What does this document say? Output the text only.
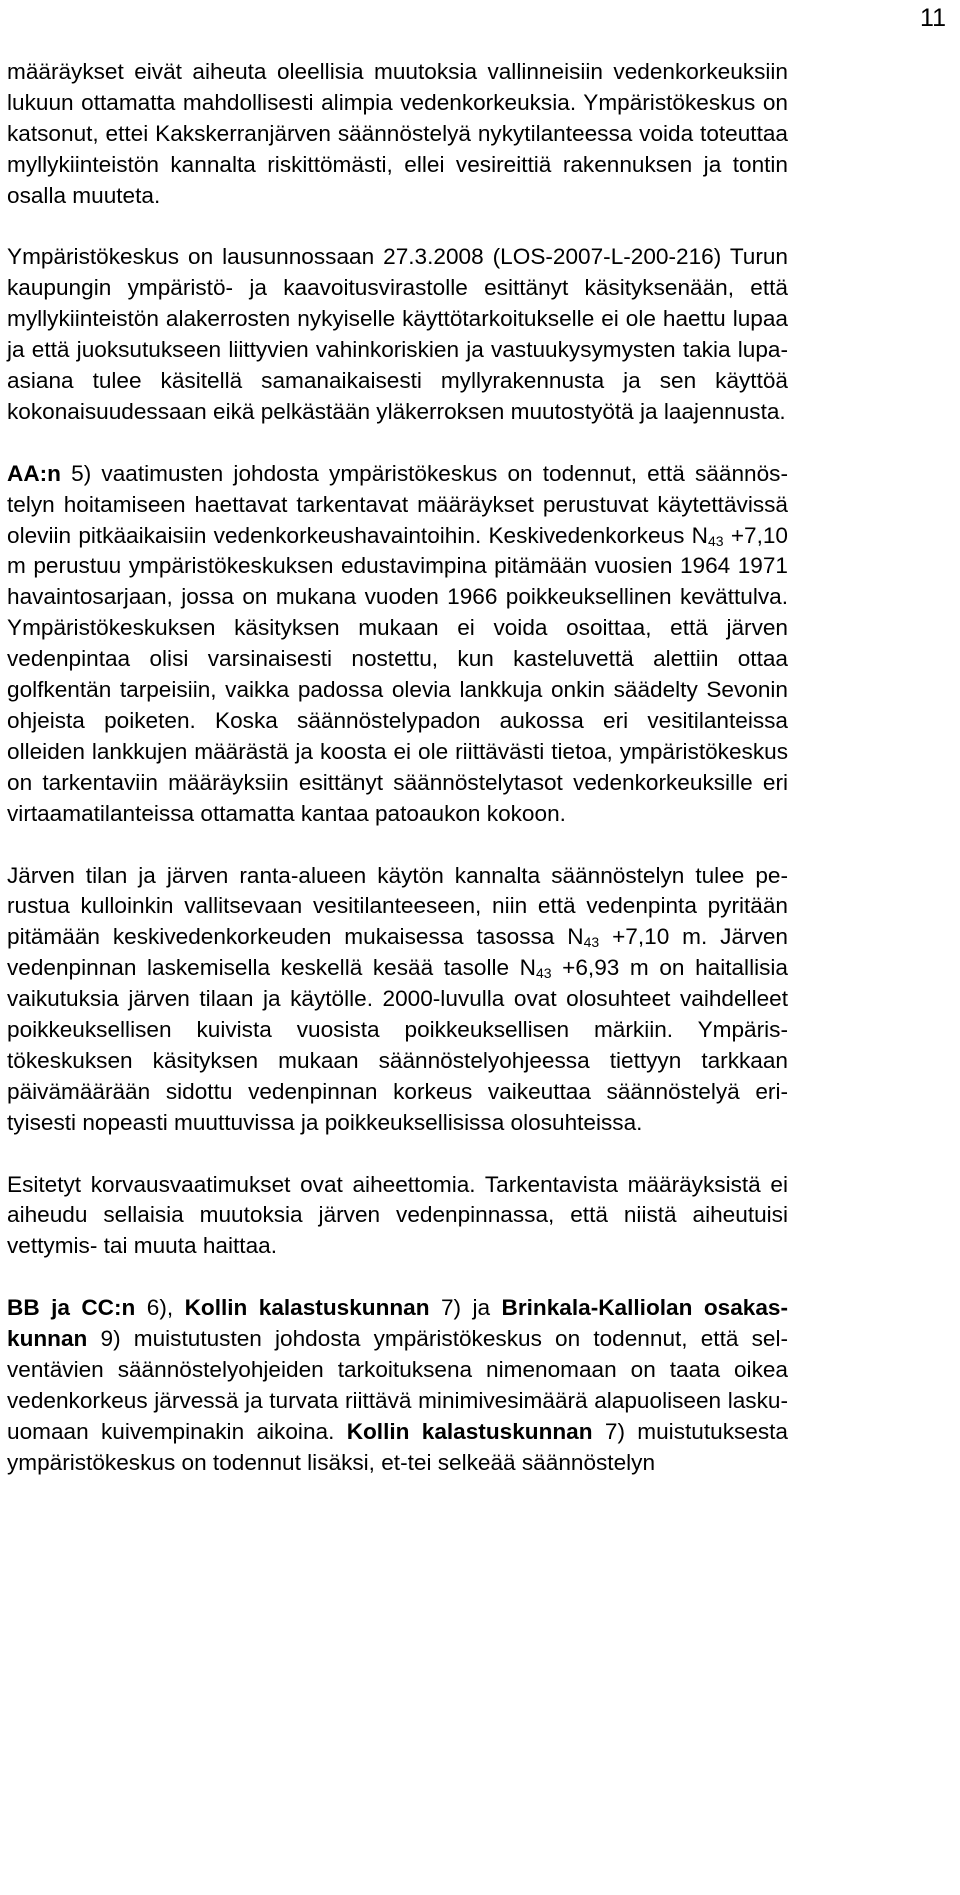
11

määräykset eivät aiheuta oleellisia muutoksia vallinneisiin vedenkorkeuksiin lukuun ottamatta mahdollisesti alimpia vedenkorkeuksia. Ympäristökeskus on katsonut, ettei Kakskerranjärven säännöstelyä nykytilanteessa voida toteuttaa myllykiinteistön kannalta riskittömästi, ellei vesireittiä rakennuksen ja tontin osalla muuteta.

Ympäristökeskus on lausunnossaan 27.3.2008 (LOS-2007-L-200-216) Turun kaupungin ympäristö- ja kaavoitusvirastolle esittänyt käsityksenään, että myllykiinteistön alakerrosten nykyiselle käyttötarkoitukselle ei ole haettu lupaa ja että juoksutukseen liittyvien vahinkoriskien ja vastuukysymysten takia lupa-asiana tulee käsitellä samanaikaisesti myllyrakennusta ja sen käyttöä kokonaisuudessaan eikä pelkästään yläkerroksen muutostyötä ja laajennusta.

AA:n 5) vaatimusten johdosta ympäristökeskus on todennut, että säännöstelyn hoitamiseen haettavat tarkentavat määräykset perustuvat käytettävissä oleviin pitkäaikaisiin vedenkorkeushavaintoihin. Keskivedenkorkeus $N_{43} +7,10$ m perustuu ympäristökeskuksen edustavimpina pitämään vuosien 1964 1971 havaintosarjaan, jossa on mukana vuoden 1966 poikkeuksellinen kevättulva. Ympäristökeskuksen käsityksen mukaan ei voida osoittaa, että järven vedenpintaa olisi varsinaisesti nostettu, kun kasteluvettä alettiin ottaa golfkentän tarpeisiin, vaikka padossa olevia lankkuja onkin säädelty Sevonin ohjeista poiketen. Koska säännöstelypadon aukossa eri vesitilanteissa olleiden lankkujen määrästä ja koosta ei ole riittävästi tietoa, ympäristökeskus on tarkentaviin määräyksiin esittänyt säännöstelytasot vedenkorkeuksille eri virtaamatilanteissa ottamatta kantaa patoaukon kokoon.

Järven tilan ja järven ranta-alueen käytön kannalta säännöstelyn tulee perustua kulloinkin vallitsevaan vesitilanteeseen, niin että vedenpinta pyritään pitämään keskivedenkorkeuden mukaisessa tasossa $N_{43} +7,10$ m. Järven vedenpinnan laskemisella keskellä kesää tasolle $N_{43} +6,93$ m on haitallisia vaikutuksia järven tilaan ja käytölle. 2000-luvulla ovat olosuhteet vaihdelleet poikkeuksellisen kuivista vuosista poikkeuksellisen märkiin. Ympäristökeskuksen käsityksen mukaan säännöstelyohjeessa tiettyyn tarkkaan päivämäärään sidottu vedenpinnan korkeus vaikeuttaa säännöstelyä erityisesti nopeasti muuttuvissa ja poikkeuksellisissa olosuhteissa.

Esitetyt korvausvaatimukset ovat aiheettomia. Tarkentavista määräyksistä ei aiheudu sellaisia muutoksia järven vedenpinnassa, että niistä aiheutuisi vettymis- tai muuta haittaa.

BB ja CC:n 6), Kollin kalastuskunnan 7) ja Brinkala-Kalliolan osakaskunnan 9) muistutusten johdosta ympäristökeskus on todennut, että selventävien säännöstelyohjeiden tarkoituksena nimenomaan on taata oikea vedenkorkeus järvessä ja turvata riittävä minimivesimäärä alapuoliseen lasku-uomaan kuivempinakin aikoina. Kollin kalastuskunnan 7) muistutuksesta ympäristökeskus on todennut lisäksi, et-tei selkeää säännöstelyn
